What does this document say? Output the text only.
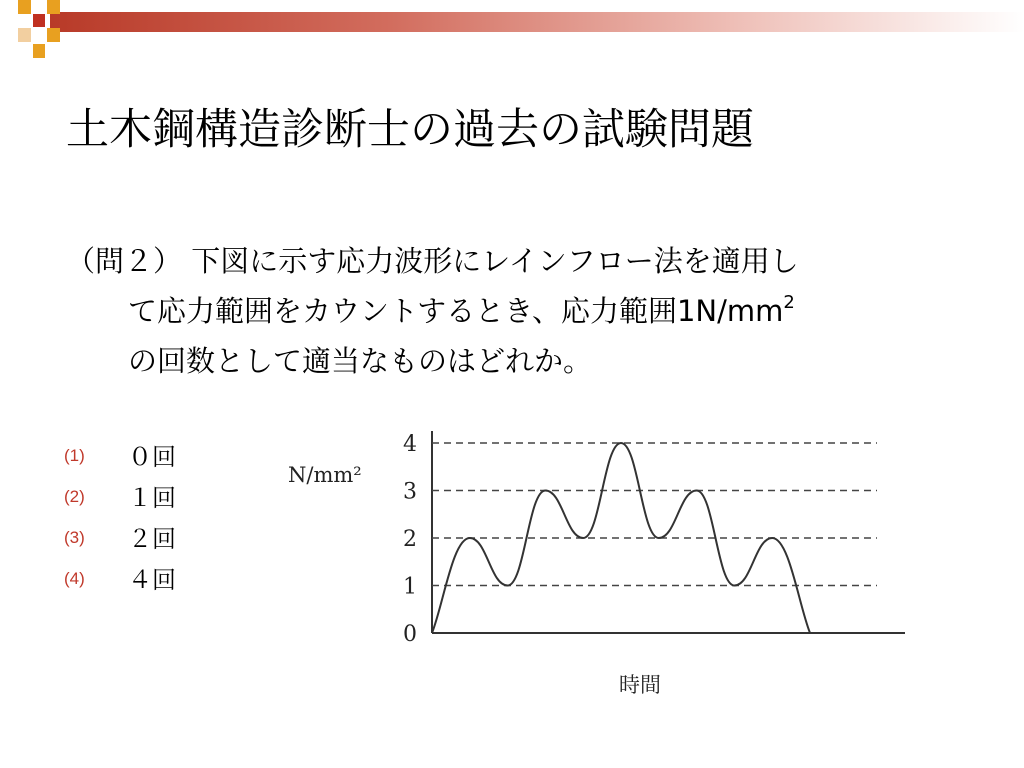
土木鋼構造診断士の過去の試験問題
（問２） 下図に示す応力波形にレインフロー法を適用し
て応力範囲をカウントするとき、応力範囲$1N/mm^2$
の回数として適当なものはどれか。
(1) ０回
(2) １回
(3) ２回
(4) ４回
N/mm²
時間
0
1
2
3
4
